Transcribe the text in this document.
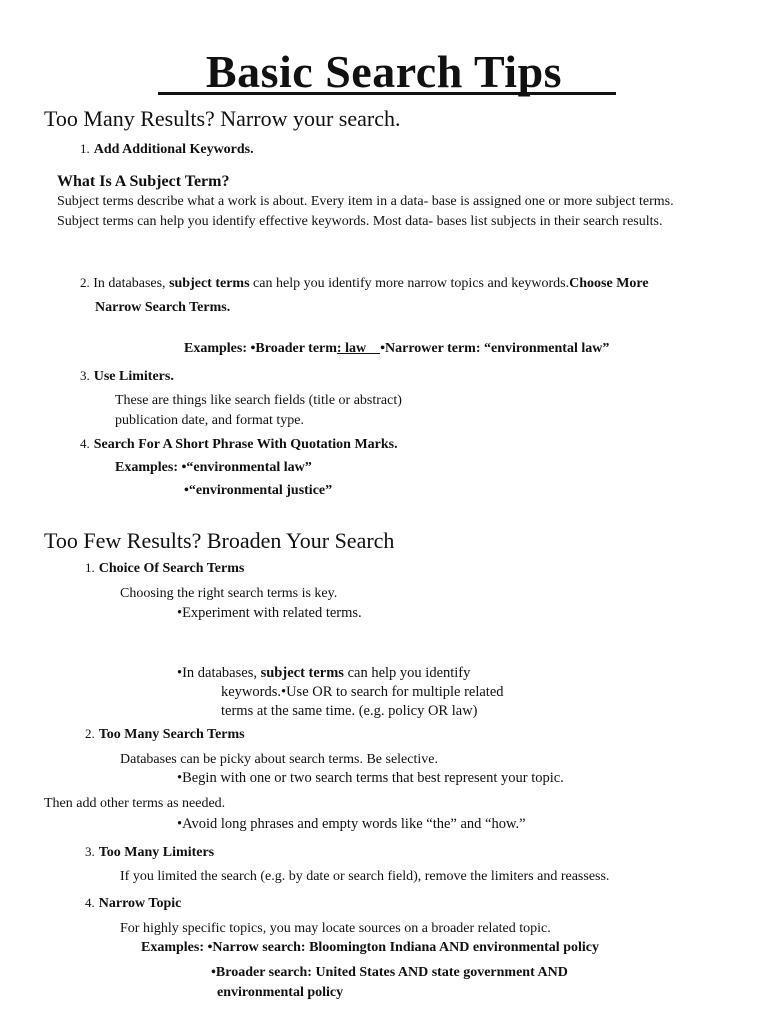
Basic Search Tips
Too Many Results? Narrow your search.
1. Add Additional Keywords.
What Is A Subject Term?
Subject terms describe what a work is about. Every item in a data- base is assigned one or more subject terms. Subject terms can help you identify effective keywords. Most data- bases list subjects in their search results.
2. In databases, subject terms can help you identify more narrow topics and keywords.Choose More
Narrow Search Terms.
Examples: •Broader term: law    •Narrower term: “environmental law”
3. Use Limiters.
These are things like search fields (title or abstract)
publication date, and format type.
4. Search For A Short Phrase With Quotation Marks.
Examples: •“environmental law”
•“environmental justice”
Too Few Results? Broaden Your Search
1. Choice Of Search Terms
Choosing the right search terms is key.
•Experiment with related terms.
•In databases, subject terms can help you identify
keywords.•Use OR to search for multiple related
terms at the same time. (e.g. policy OR law)
2. Too Many Search Terms
Databases can be picky about search terms. Be selective.
•Begin with one or two search terms that best represent your topic.
Then add other terms as needed.
•Avoid long phrases and empty words like “the” and “how.”
3. Too Many Limiters
If you limited the search (e.g. by date or search field), remove the limiters and reassess.
4. Narrow Topic
For highly specific topics, you may locate sources on a broader related topic.
Examples: •Narrow search: Bloomington Indiana AND environmental policy
•Broader search: United States AND state government AND
environmental policy
